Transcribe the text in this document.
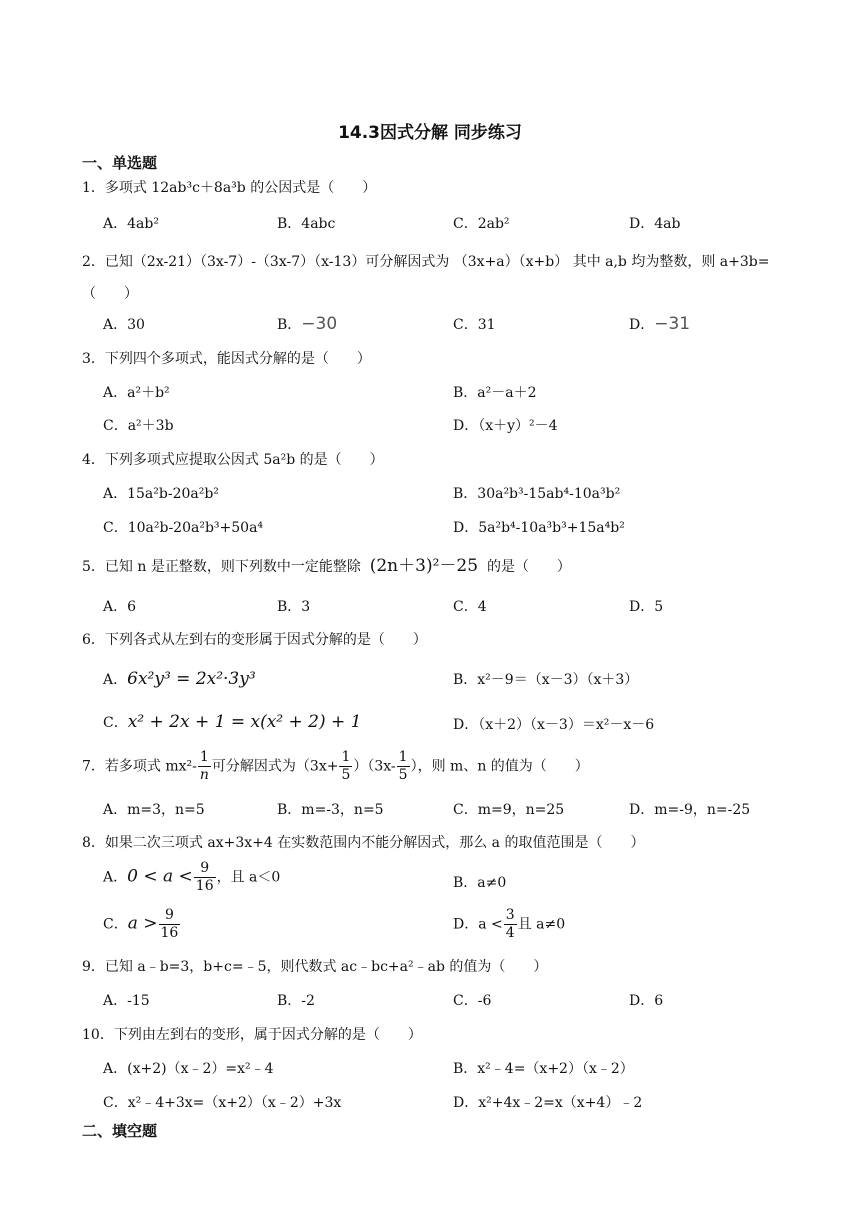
14.3因式分解 同步练习
一、单选题
1．多项式 12ab³c＋8a³b 的公因式是（　　）
A．4ab²	B．4abc	C．2ab²	D．4ab
2．已知（2x-21）（3x-7）-（3x-7）（x-13）可分解因式为 （3x+a）（x+b） 其中 a,b 均为整数，则 a+3b=（　　）
A．30	B．−30	C．31	D．−31
3．下列四个多项式，能因式分解的是（　　）
A．a²＋b²	B．a²－a＋2
C．a²＋3b	D．（x＋y）²－4
4．下列多项式应提取公因式 5a²b 的是（　　）
A．15a²b-20a²b²	B．30a²b³-15ab⁴-10a³b²
C．10a²b-20a²b³+50a⁴	D．5a²b⁴-10a³b³+15a⁴b²
5．已知 n 是正整数，则下列数中一定能整除 (2n＋3)²－25 的是（　　）
A．6	B．3	C．4	D．5
6．下列各式从左到右的变形属于因式分解的是（　　）
A．6x²y³ = 2x²·3y³	B．x²－9＝（x－3）（x＋3）
C．x² + 2x + 1 = x(x² + 2) + 1	D．（x＋2）（x－3）＝x²－x－6
7．若多项式 $mx^2- \frac{1}{n}$ 可分解因式为$(3x+ \frac{1}{5} )(3x- \frac{1}{5}$ ），则 m、n 的值为（　　）
A．m=3，n=5	B．m=-3，n=5	C．m=9，n=25	D．m=-9，n=-25
8．如果二次三项式 ax+3x+4 在实数范围内不能分解因式，那么 a 的取值范围是（　　）
A．$0 < a < \frac{9}{16}$ ，且 a＜0	B．a≠0
C．$a > \frac{9}{16}$	D．$a < \frac{3}{4}$ 且 a≠0
9．已知 a﹣b=3，b+c=﹣5，则代数式 ac﹣bc+a²﹣ab 的值为（　　）
A．-15	B．-2	C．-6	D．6
10．下列由左到右的变形，属于因式分解的是（　　）
A．(x+2)（x﹣2）=x²﹣4	B．x²﹣4=（x+2）（x﹣2）
C．x²﹣4+3x=（x+2）（x﹣2）+3x	D．x²+4x﹣2=x（x+4）﹣2
二、填空题
